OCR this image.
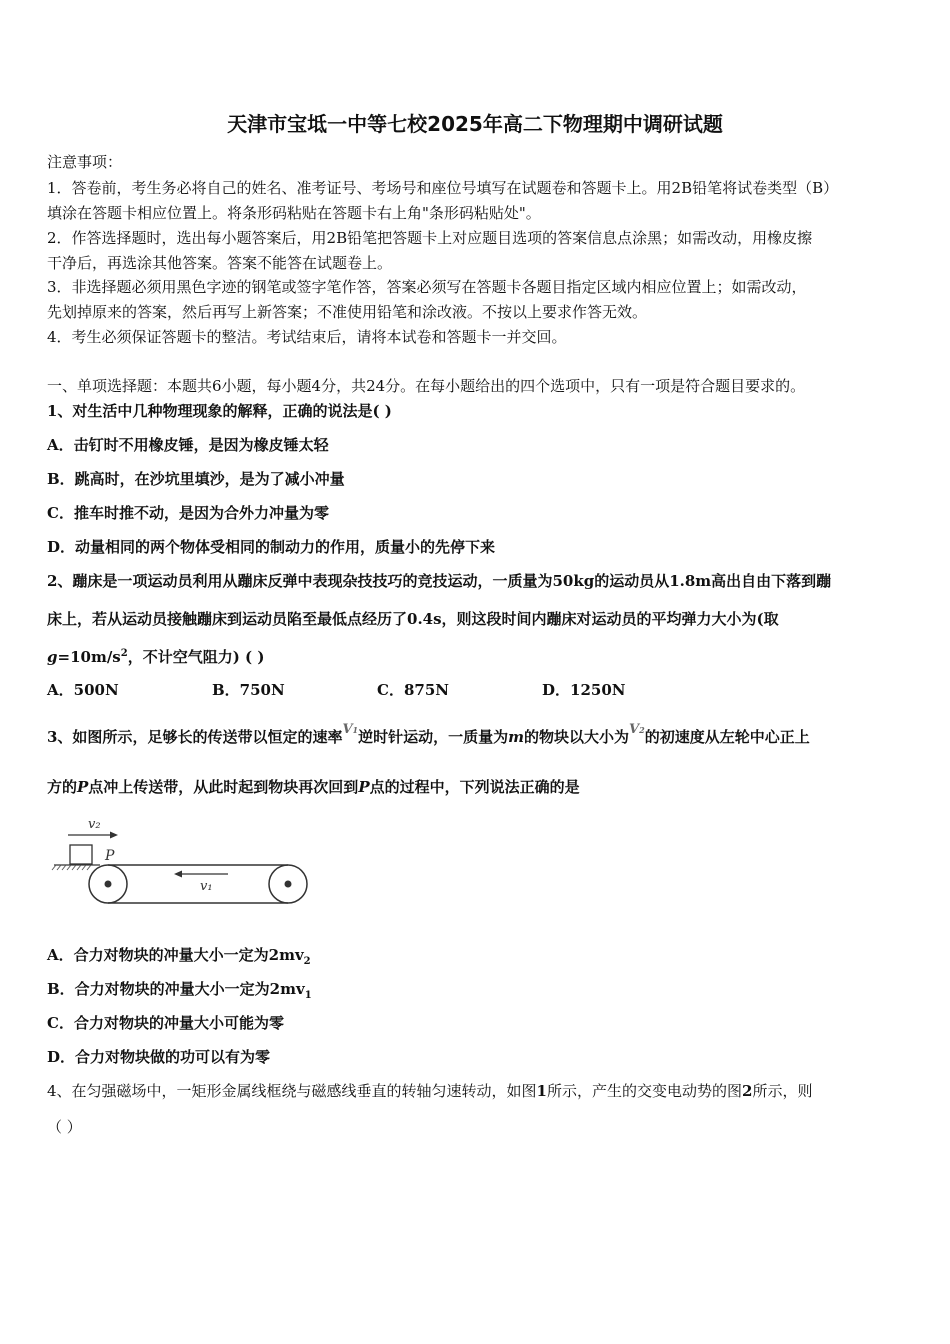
天津市宝坻一中等七校2025年高二下物理期中调研试题
注意事项：
1．答卷前，考生务必将自己的姓名、准考证号、考场号和座位号填写在试题卷和答题卡上。用2B铅笔将试卷类型（B）
填涂在答题卡相应位置上。将条形码粘贴在答题卡右上角"条形码粘贴处"。
2．作答选择题时，选出每小题答案后，用2B铅笔把答题卡上对应题目选项的答案信息点涂黑；如需改动，用橡皮擦
干净后，再选涂其他答案。答案不能答在试题卷上。
3．非选择题必须用黑色字迹的钢笔或签字笔作答，答案必须写在答题卡各题目指定区域内相应位置上；如需改动，
先划掉原来的答案，然后再写上新答案；不准使用铅笔和涂改液。不按以上要求作答无效。
4．考生必须保证答题卡的整洁。考试结束后，请将本试卷和答题卡一并交回。
一、单项选择题：本题共6小题，每小题4分，共24分。在每小题给出的四个选项中，只有一项是符合题目要求的。
1、对生活中几种物理现象的解释，正确的说法是( )
A．击钉时不用橡皮锤，是因为橡皮锤太轻
B．跳高时，在沙坑里填沙，是为了减小冲量
C．推车时推不动，是因为合外力冲量为零
D．动量相同的两个物体受相同的制动力的作用，质量小的先停下来
2、蹦床是一项运动员利用从蹦床反弹中表现杂技技巧的竞技运动，一质量为50kg的运动员从1.8m高出自由下落到蹦
床上，若从运动员接触蹦床到运动员陷至最低点经历了0.4s，则这段时间内蹦床对运动员的平均弹力大小为(取
$g=10m/s^2$，不计空气阻力) ( )
A．500N	B．750N	C．875N	D．1250N
3、如图所示，足够长的传送带以恒定的速率V1逆时针运动，一质量为m的物块以大小为V2的初速度从左轮中心正上
方的P点冲上传送带，从此时起到物块再次回到P点的过程中，下列说法正确的是
v₂
P
v₁
A．合力对物块的冲量大小一定为$2mv_2$
B．合力对物块的冲量大小一定为$2mv_1$
C．合力对物块的冲量大小可能为零
D．合力对物块做的功可以有为零
4、在匀强磁场中，一矩形金属线框绕与磁感线垂直的转轴匀速转动，如图1所示，产生的交变电动势的图2所示，则
（ ）
